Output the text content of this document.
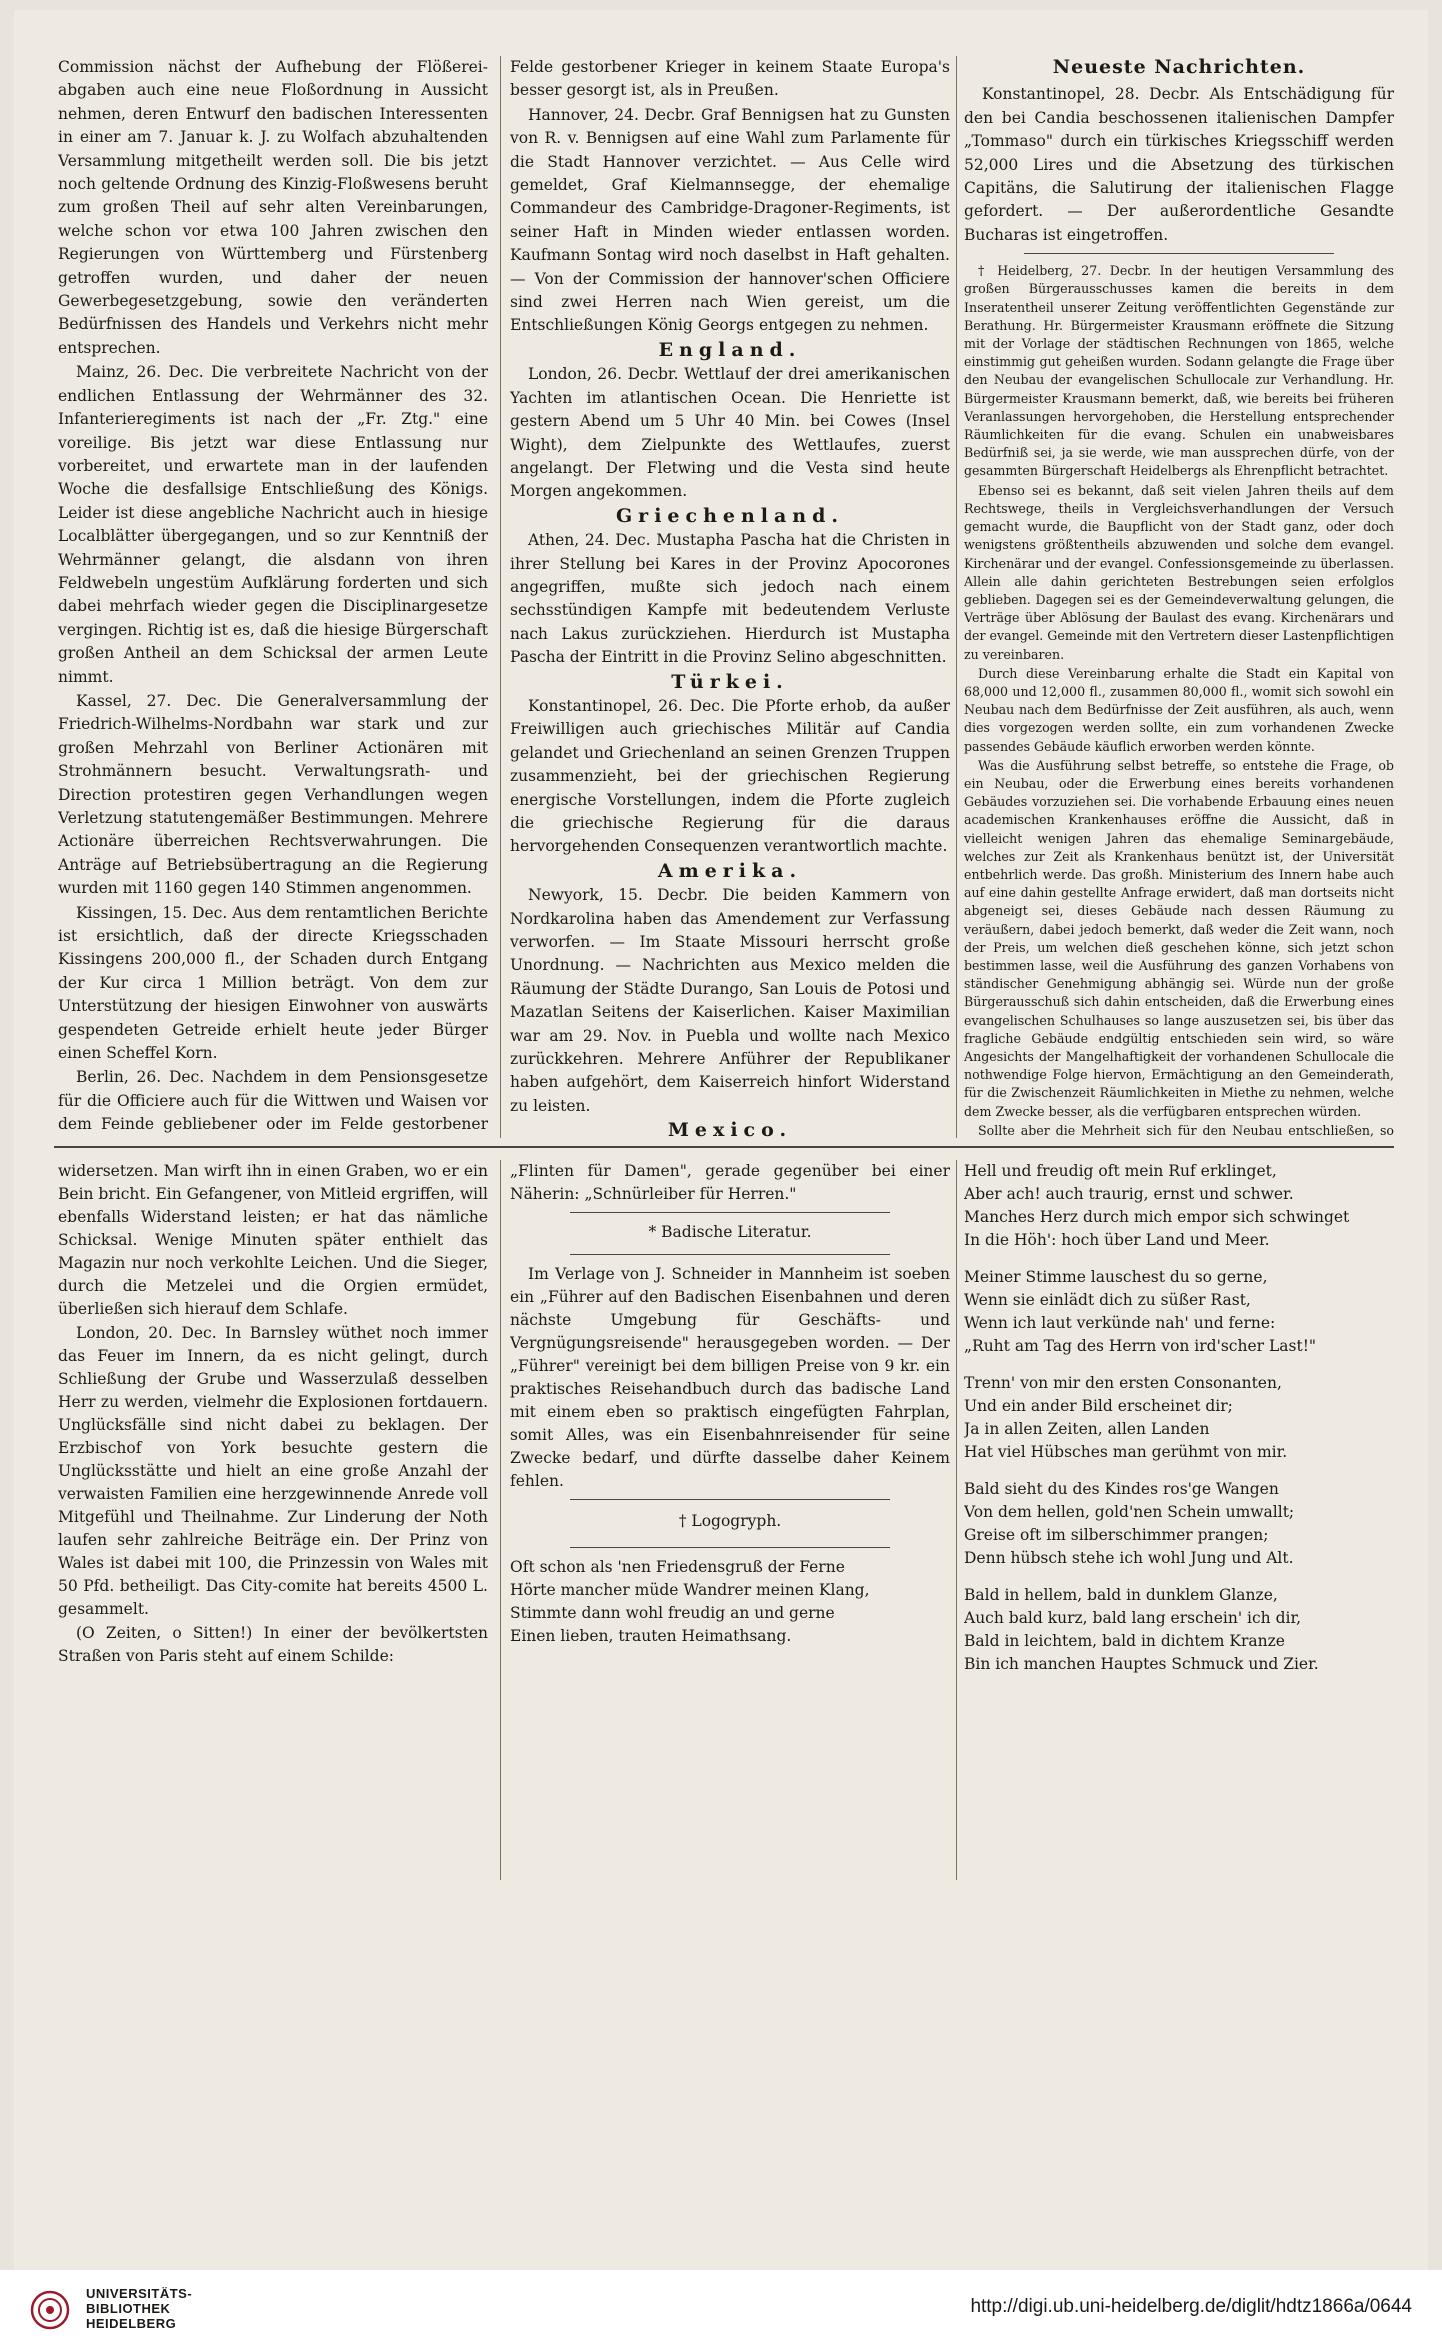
Commission nächst der Aufhebung der Flößerei-abgaben auch eine neue Floßordnung in Aussicht nehmen, deren Entwurf den badischen Interessenten in einer am 7. Januar k. J. zu Wolfach abzuhaltenden Versammlung mitgetheilt werden soll. Die bis jetzt noch geltende Ordnung des Kinzig-Floßwesens beruht zum großen Theil auf sehr alten Vereinbarungen, welche schon vor etwa 100 Jahren zwischen den Regierungen von Württemberg und Fürstenberg getroffen wurden, und daher der neuen Gewerbegesetzgebung, sowie den veränderten Bedürfnissen des Handels und Verkehrs nicht mehr entsprechen.

Mainz, 26. Dec. Die verbreitete Nachricht von der endlichen Entlassung der Wehrmänner des 32. Infanterieregiments ist nach der „Fr. Ztg." eine voreilige. Bis jetzt war diese Entlassung nur vorbereitet, und erwartete man in der laufenden Woche die desfallsige Entschließung des Königs. Leider ist diese angebliche Nachricht auch in hiesige Localblätter übergegangen, und so zur Kenntniß der Wehrmänner gelangt, die alsdann von ihren Feldwebeln ungestüm Aufklärung forderten und sich dabei mehrfach wieder gegen die Disciplinargesetze vergingen. Richtig ist es, daß die hiesige Bürgerschaft großen Antheil an dem Schicksal der armen Leute nimmt.

Kassel, 27. Dec. Die Generalversammlung der Friedrich-Wilhelms-Nordbahn war stark und zur großen Mehrzahl von Berliner Actionären mit Strohmännern besucht. Verwaltungsrath- und Direction protestiren gegen Verhandlungen wegen Verletzung statutengemäßer Bestimmungen. Mehrere Actionäre überreichen Rechtsverwahrungen. Die Anträge auf Betriebsübertragung an die Regierung wurden mit 1160 gegen 140 Stimmen angenommen.

Kissingen, 15. Dec. Aus dem rentamtlichen Berichte ist ersichtlich, daß der directe Kriegsschaden Kissingens 200,000 fl., der Schaden durch Entgang der Kur circa 1 Million beträgt. Von dem zur Unterstützung der hiesigen Einwohner von auswärts gespendeten Getreide erhielt heute jeder Bürger einen Scheffel Korn.

Berlin, 26. Dec. Nachdem in dem Pensionsgesetze für die Officiere auch für die Wittwen und Waisen vor dem Feinde gebliebener oder im Felde gestorbener

Felde gestorbener Krieger in keinem Staate Europa's besser gesorgt ist, als in Preußen.

Hannover, 24. Decbr. Graf Bennigsen hat zu Gunsten von R. v. Bennigsen auf eine Wahl zum Parlamente für die Stadt Hannover verzichtet. — Aus Celle wird gemeldet, Graf Kielmannsegge, der ehemalige Commandeur des Cambridge-Dragoner-Regiments, ist seiner Haft in Minden wieder entlassen worden. Kaufmann Sontag wird noch daselbst in Haft gehalten. — Von der Commission der hannover'schen Officiere sind zwei Herren nach Wien gereist, um die Entschließungen König Georgs entgegen zu nehmen.

England.

London, 26. Decbr. Wettlauf der drei amerikanischen Yachten im atlantischen Ocean. Die Henriette ist gestern Abend um 5 Uhr 40 Min. bei Cowes (Insel Wight), dem Zielpunkte des Wettlaufes, zuerst angelangt. Der Fletwing und die Vesta sind heute Morgen angekommen.

Griechenland.

Athen, 24. Dec. Mustapha Pascha hat die Christen in ihrer Stellung bei Kares in der Provinz Apocorones angegriffen, mußte sich jedoch nach einem sechsstündigen Kampfe mit bedeutendem Verluste nach Lakus zurückziehen. Hierdurch ist Mustapha Pascha der Eintritt in die Provinz Selino abgeschnitten.

Türkei.

Konstantinopel, 26. Dec. Die Pforte erhob, da außer Freiwilligen auch griechisches Militär auf Candia gelandet und Griechenland an seinen Grenzen Truppen zusammenzieht, bei der griechischen Regierung energische Vorstellungen, indem die Pforte zugleich die griechische Regierung für die daraus hervorgehenden Consequenzen verantwortlich machte.

Amerika.

Newyork, 15. Decbr. Die beiden Kammern von Nordkarolina haben das Amendement zur Verfassung verworfen. — Im Staate Missouri herrscht große Unordnung. — Nachrichten aus Mexico melden die Räumung der Städte Durango, San Louis de Potosi und Mazatlan Seitens der Kaiserlichen. Kaiser Maximilian war am 29. Nov. in Puebla und wollte nach Mexico zurückkehren. Mehrere Anführer der Republikaner haben aufgehört, dem Kaiserreich hinfort Widerstand zu leisten.

Mexico.

Neueste Nachrichten.

Konstantinopel, 28. Decbr. Als Entschädigung für den bei Candia beschossenen italienischen Dampfer „Tommaso" durch ein türkisches Kriegsschiff werden 52,000 Lires und die Absetzung des türkischen Capitäns, die Salutirung der italienischen Flagge gefordert. — Der außerordentliche Gesandte Bucharas ist eingetroffen.

† Heidelberg, 27. Decbr. In der heutigen Versammlung des großen Bürgerausschusses kamen die bereits in dem Inseratentheil unserer Zeitung veröffentlichten Gegenstände zur Berathung. Hr. Bürgermeister Krausmann eröffnete die Sitzung mit der Vorlage der städtischen Rechnungen von 1865, welche einstimmig gut geheißen wurden. Sodann gelangte die Frage über den Neubau der evangelischen Schullocale zur Verhandlung. Hr. Bürgermeister Krausmann bemerkt, daß, wie bereits bei früheren Veranlassungen hervorgehoben, die Herstellung entsprechender Räumlichkeiten für die evang. Schulen ein unabweisbares Bedürfniß sei, ja sie werde, wie man aussprechen dürfe, von der gesammten Bürgerschaft Heidelbergs als Ehrenpflicht betrachtet.

Ebenso sei es bekannt, daß seit vielen Jahren theils auf dem Rechtswege, theils in Vergleichsverhandlungen der Versuch gemacht wurde, die Baupflicht von der Stadt ganz, oder doch wenigstens größtentheils abzuwenden und solche dem evangel. Kirchenärar und der evangel. Confessionsgemeinde zu überlassen. Allein alle dahin gerichteten Bestrebungen seien erfolglos geblieben. Dagegen sei es der Gemeindeverwaltung gelungen, die Verträge über Ablösung der Baulast des evang. Kirchenärars und der evangel. Gemeinde mit den Vertretern dieser Lastenpflichtigen zu vereinbaren.

Durch diese Vereinbarung erhalte die Stadt ein Kapital von 68,000 und 12,000 fl., zusammen 80,000 fl., womit sich sowohl ein Neubau nach dem Bedürfnisse der Zeit ausführen, als auch, wenn dies vorgezogen werden sollte, ein zum vorhandenen Zwecke passendes Gebäude käuflich erworben werden könnte.

Was die Ausführung selbst betreffe, so entstehe die Frage, ob ein Neubau, oder die Erwerbung eines bereits vorhandenen Gebäudes vorzuziehen sei. Die vorhabende Erbauung eines neuen academischen Krankenhauses eröffne die Aussicht, daß in vielleicht wenigen Jahren das ehemalige Seminargebäude, welches zur Zeit als Krankenhaus benützt ist, der Universität entbehrlich werde. Das großh. Ministerium des Innern habe auch auf eine dahin gestellte Anfrage erwidert, daß man dortseits nicht abgeneigt sei, dieses Gebäude nach dessen Räumung zu veräußern, dabei jedoch bemerkt, daß weder die Zeit wann, noch der Preis, um welchen dieß geschehen könne, sich jetzt schon bestimmen lasse, weil die Ausführung des ganzen Vorhabens von ständischer Genehmigung abhängig sei. Würde nun der große Bürgerausschuß sich dahin entscheiden, daß die Erwerbung eines evangelischen Schulhauses so lange auszusetzen sei, bis über das fragliche Gebäude endgültig entschieden sein wird, so wäre Angesichts der Mangelhaftigkeit der vorhandenen Schullocale die nothwendige Folge hiervon, Ermächtigung an den Gemeinderath, für die Zwischenzeit Räumlichkeiten in Miethe zu nehmen, welche dem Zwecke besser, als die verfügbaren entsprechen würden.

Sollte aber die Mehrheit sich für den Neubau entschließen, so

widersetzen. Man wirft ihn in einen Graben, wo er ein Bein bricht. Ein Gefangener, von Mitleid ergriffen, will ebenfalls Widerstand leisten; er hat das nämliche Schicksal. Wenige Minuten später enthielt das Magazin nur noch verkohlte Leichen. Und die Sieger, durch die Metzelei und die Orgien ermüdet, überließen sich hierauf dem Schlafe.

London, 20. Dec. In Barnsley wüthet noch immer das Feuer im Innern, da es nicht gelingt, durch Schließung der Grube und Wasserzulaß desselben Herr zu werden, vielmehr die Explosionen fortdauern. Unglücksfälle sind nicht dabei zu beklagen. Der Erzbischof von York besuchte gestern die Unglücksstätte und hielt an eine große Anzahl der verwaisten Familien eine herzgewinnende Anrede voll Mitgefühl und Theilnahme. Zur Linderung der Noth laufen sehr zahlreiche Beiträge ein. Der Prinz von Wales ist dabei mit 100, die Prinzessin von Wales mit 50 Pfd. betheiligt. Das City-comite hat bereits 4500 L. gesammelt.

(O Zeiten, o Sitten!) In einer der bevölkertsten Straßen von Paris steht auf einem Schilde:

„Flinten für Damen", gerade gegenüber bei einer Näherin: „Schnürleiber für Herren."

* Badische Literatur.

Im Verlage von J. Schneider in Mannheim ist soeben ein „Führer auf den Badischen Eisenbahnen und deren nächste Umgebung für Geschäfts- und Vergnügungsreisende" herausgegeben worden. — Der „Führer" vereinigt bei dem billigen Preise von 9 kr. ein praktisches Reisehandbuch durch das badische Land mit einem eben so praktisch eingefügten Fahrplan, somit Alles, was ein Eisenbahnreisender für seine Zwecke bedarf, und dürfte dasselbe daher Keinem fehlen.

† Logogryph.

Oft schon als 'nen Friedensgruß der Ferne
Hörte mancher müde Wandrer meinen Klang,
Stimmte dann wohl freudig an und gerne
Einen lieben, trauten Heimathsang.
Hell und freudig oft mein Ruf erklinget,
Aber ach! auch traurig, ernst und schwer.
Manches Herz durch mich empor sich schwinget
In die Höh': hoch über Land und Meer.
Meiner Stimme lauschest du so gerne,
Wenn sie einlädt dich zu süßer Rast,
Wenn ich laut verkünde nah' und ferne:
„Ruht am Tag des Herrn von ird'scher Last!"
Trenn' von mir den ersten Consonanten,
Und ein ander Bild erscheinet dir;
Ja in allen Zeiten, allen Landen
Hat viel Hübsches man gerühmt von mir.
Bald sieht du des Kindes ros'ge Wangen
Von dem hellen, gold'nen Schein umwallt;
Greise oft im silberschimmer prangen;
Denn hübsch stehe ich wohl Jung und Alt.
Bald in hellem, bald in dunklem Glanze,
Auch bald kurz, bald lang erschein' ich dir,
Bald in leichtem, bald in dichtem Kranze
Bin ich manchen Hauptes Schmuck und Zier.
UNIVERSITÄTS-
BIBLIOTHEK
HEIDELBERG
http://digi.ub.uni-heidelberg.de/diglit/hdtz1866a/0644
